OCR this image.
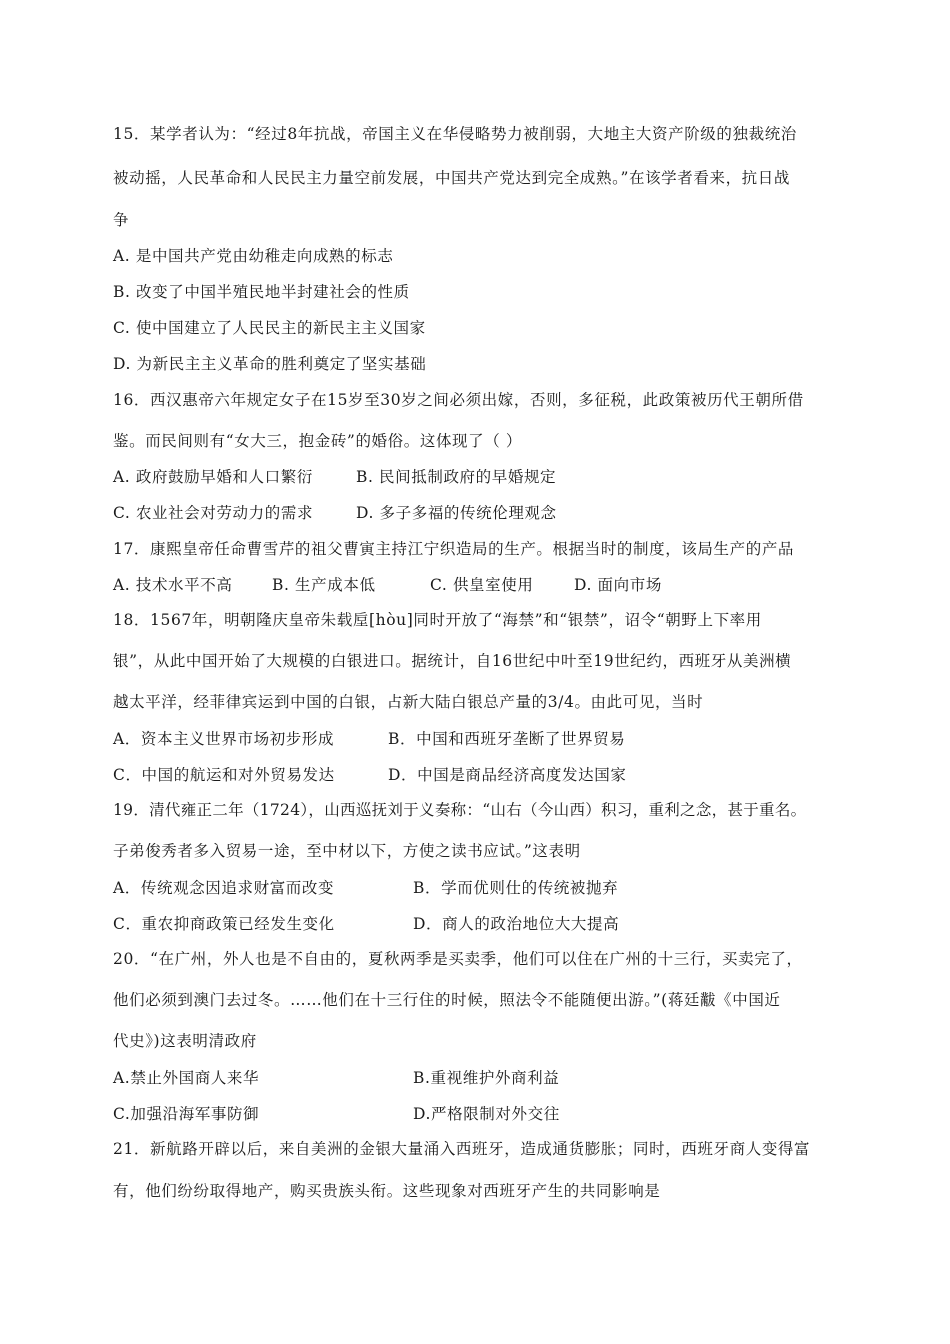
15．某学者认为：“经过8年抗战，帝国主义在华侵略势力被削弱，大地主大资产阶级的独裁统治
被动摇，人民革命和人民民主力量空前发展，中国共产党达到完全成熟。”在该学者看来，抗日战
争
A. 是中国共产党由幼稚走向成熟的标志
B. 改变了中国半殖民地半封建社会的性质
C. 使中国建立了人民民主的新民主主义国家
D. 为新民主主义革命的胜利奠定了坚实基础
16．西汉惠帝六年规定女子在15岁至30岁之间必须出嫁，否则，多征税，此政策被历代王朝所借
鉴。而民间则有“女大三，抱金砖”的婚俗。这体现了（ ）
A. 政府鼓励早婚和人口繁衍	B. 民间抵制政府的早婚规定
C. 农业社会对劳动力的需求	D. 多子多福的传统伦理观念
17．康熙皇帝任命曹雪芹的祖父曹寅主持江宁织造局的生产。根据当时的制度，该局生产的产品
A. 技术水平不高	B. 生产成本低	C. 供皇室使用	D. 面向市场
18．1567年，明朝隆庆皇帝朱载垕[hòu]同时开放了“海禁”和“银禁”，诏令“朝野上下率用
银”，从此中国开始了大规模的白银进口。据统计，自16世纪中叶至19世纪约，西班牙从美洲横
越太平洋，经菲律宾运到中国的白银，占新大陆白银总产量的3/4。由此可见，当时
A．资本主义世界市场初步形成	B．中国和西班牙垄断了世界贸易
C．中国的航运和对外贸易发达	D．中国是商品经济高度发达国家
19．清代雍正二年（1724），山西巡抚刘于义奏称：“山右（今山西）积习，重利之念，甚于重名。
子弟俊秀者多入贸易一途，至中材以下，方使之读书应试。”这表明
A．传统观念因追求财富而改变	B．学而优则仕的传统被抛弃
C．重农抑商政策已经发生变化	D．商人的政治地位大大提高
20．“在广州，外人也是不自由的，夏秋两季是买卖季，他们可以住在广州的十三行，买卖完了，
他们必须到澳门去过冬。……他们在十三行住的时候，照法令不能随便出游。”(蒋廷黻《中国近
代史》)这表明清政府
A.禁止外国商人来华	B.重视维护外商利益
C.加强沿海军事防御	D.严格限制对外交往
21．新航路开辟以后，来自美洲的金银大量涌入西班牙，造成通货膨胀；同时，西班牙商人变得富
有，他们纷纷取得地产，购买贵族头衔。这些现象对西班牙产生的共同影响是
